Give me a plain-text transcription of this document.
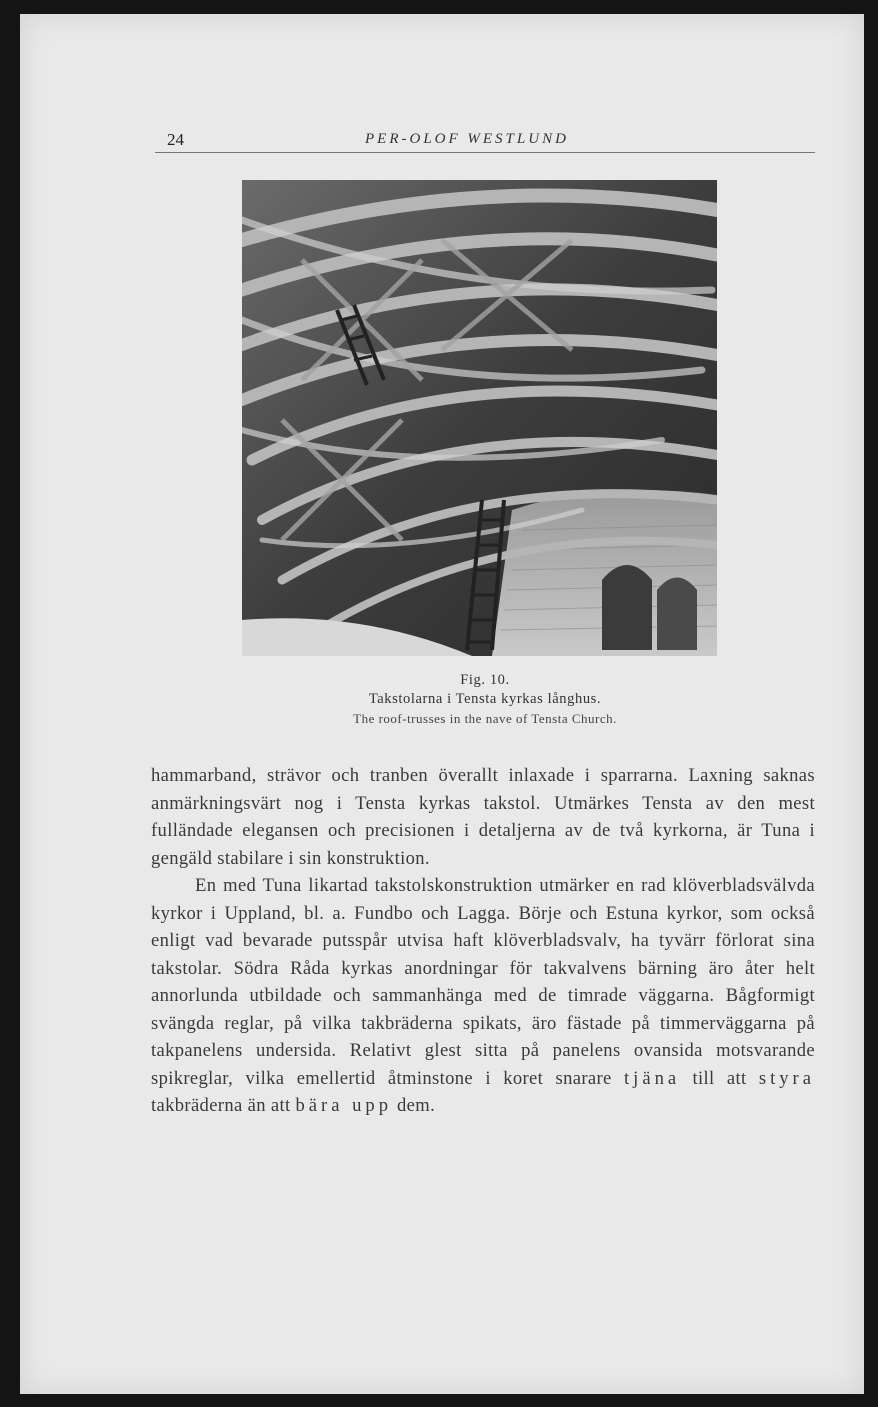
24	PER-OLOF WESTLUND
Fig. 10.
Takstolarna i Tensta kyrkas långhus.
The roof-trusses in the nave of Tensta Church.

hammarband, strävor och tranben överallt inlaxade i sparrarna. Laxning saknas anmärkningsvärt nog i Tensta kyrkas takstol. Utmärkes Tensta av den mest fulländade elegansen och precisionen i detaljerna av de två kyrkorna, är Tuna i gengäld stabilare i sin konstruktion.

En med Tuna likartad takstolskonstruktion utmärker en rad klöverbladsvälvda kyrkor i Uppland, bl. a. Fundbo och Lagga. Börje och Estuna kyrkor, som också enligt vad bevarade putsspår utvisa haft klöverbladsvalv, ha tyvärr förlorat sina takstolar. Södra Råda kyrkas anordningar för takvalvens bärning äro åter helt annorlunda utbildade och sammanhänga med de timrade väggarna. Bågformigt svängda reglar, på vilka takbräderna spikats, äro fästade på timmerväggarna på takpanelens undersida. Relativt glest sitta på panelens ovansida motsvarande spikreglar, vilka emellertid åtminstone i koret snarare tjäna till att styra takbräderna än att bära upp dem.
